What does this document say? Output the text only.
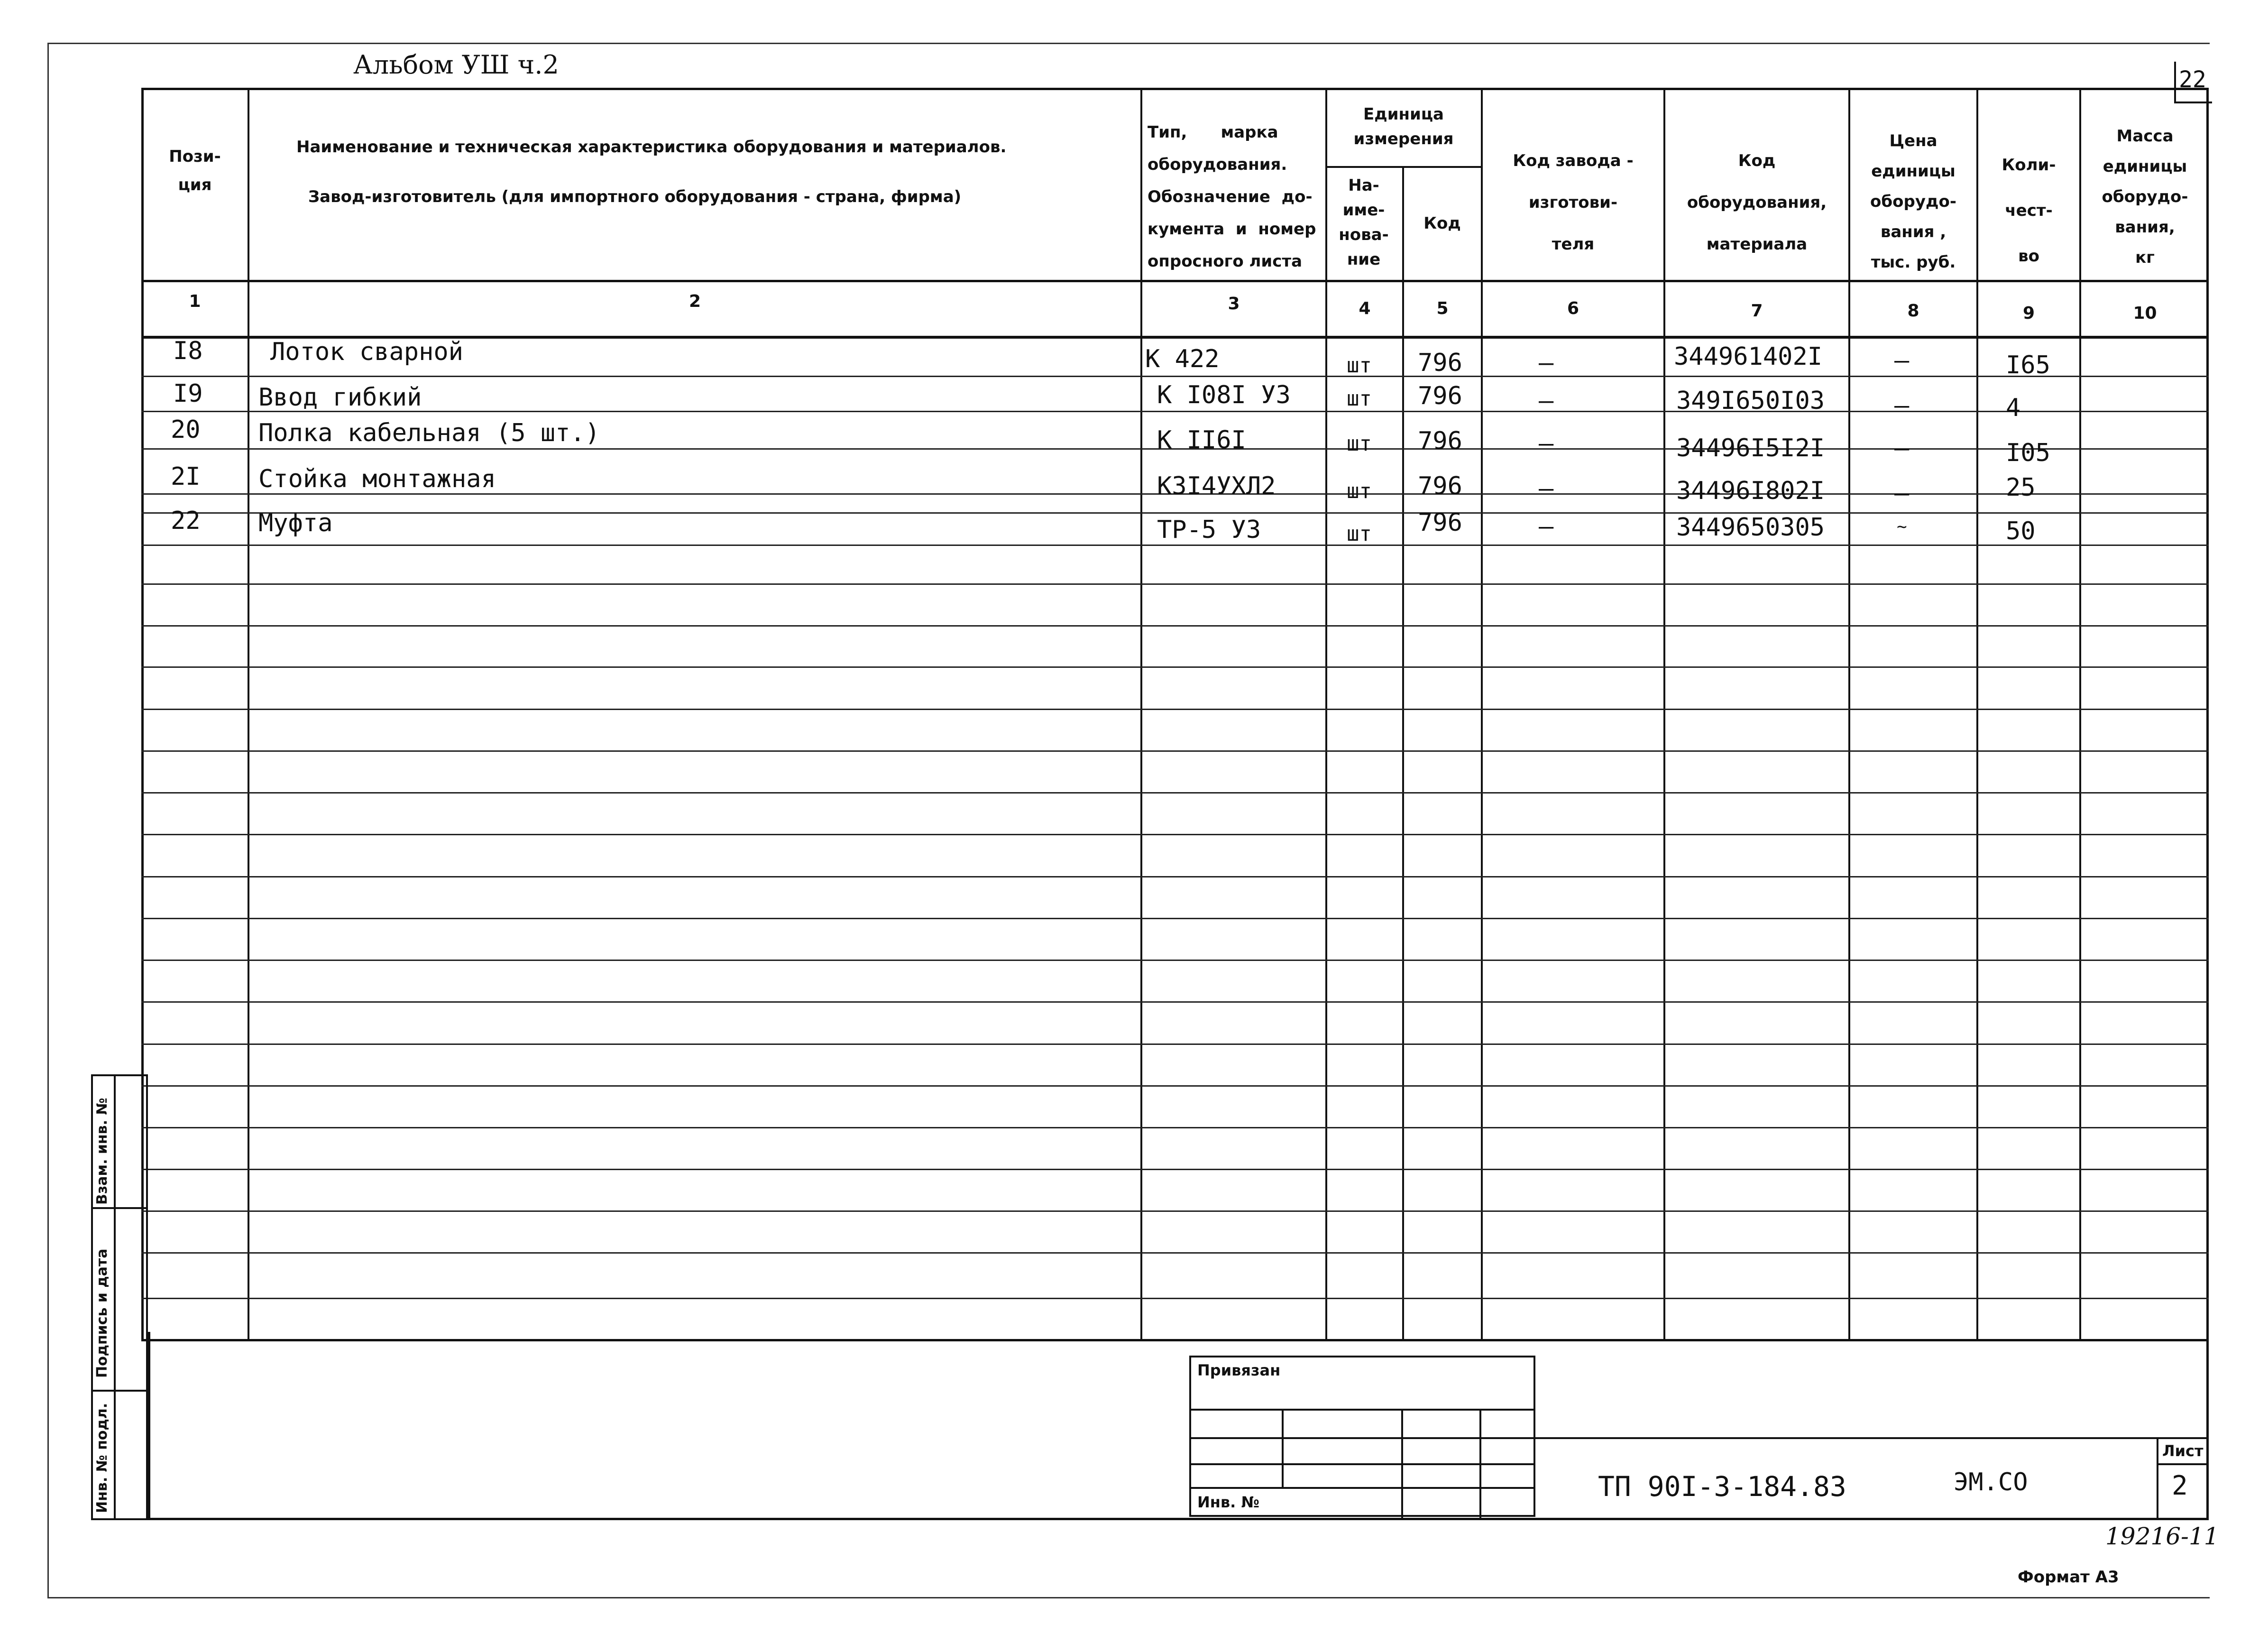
Альбом УШ ч.2	22
Пози-
ция
Наименование и техническая характеристика оборудования и материалов.
Завод-изготовитель (для импортного оборудования - страна, фирма)
Тип,      марка
оборудования.
Обозначение  до-
кумента  и  номер
опросного листа
Единица
измерения
На-
име-
нова-
ние
Код
Код завода -
изготови-
теля
Код
оборудования,
материала
Цена
единицы
оборудо-
вания ,
тыс. руб.
Коли-
чест-
во
Масса
единицы
оборудо-
вания,
кг
1	2	3	4	5	6	7	8	9	10
I8	Лоток сварной	К 422	шт 796	–	344961402I	–	I65
I9 Ввод гибкий	К I08I УЗ	шт 796	–	349I650I03	–	4
20 Полка кабельная (5 шт.)	К II6I	шт 796	–	34496I5I2I	–	I05
2I Стойка монтажная	КЗI4УХЛ2	шт 796	–	34496I802I	–	25
22 Муфта	ТР-5 УЗ	шт 796	–	3449650305	~	50
Взам. инв. №
Подпись и дата
Инв. № подл.
Привязан
Инв. №	ТП 90I-3-184.83	ЭМ.СО
Лист
2
19216-11
Формат А3
